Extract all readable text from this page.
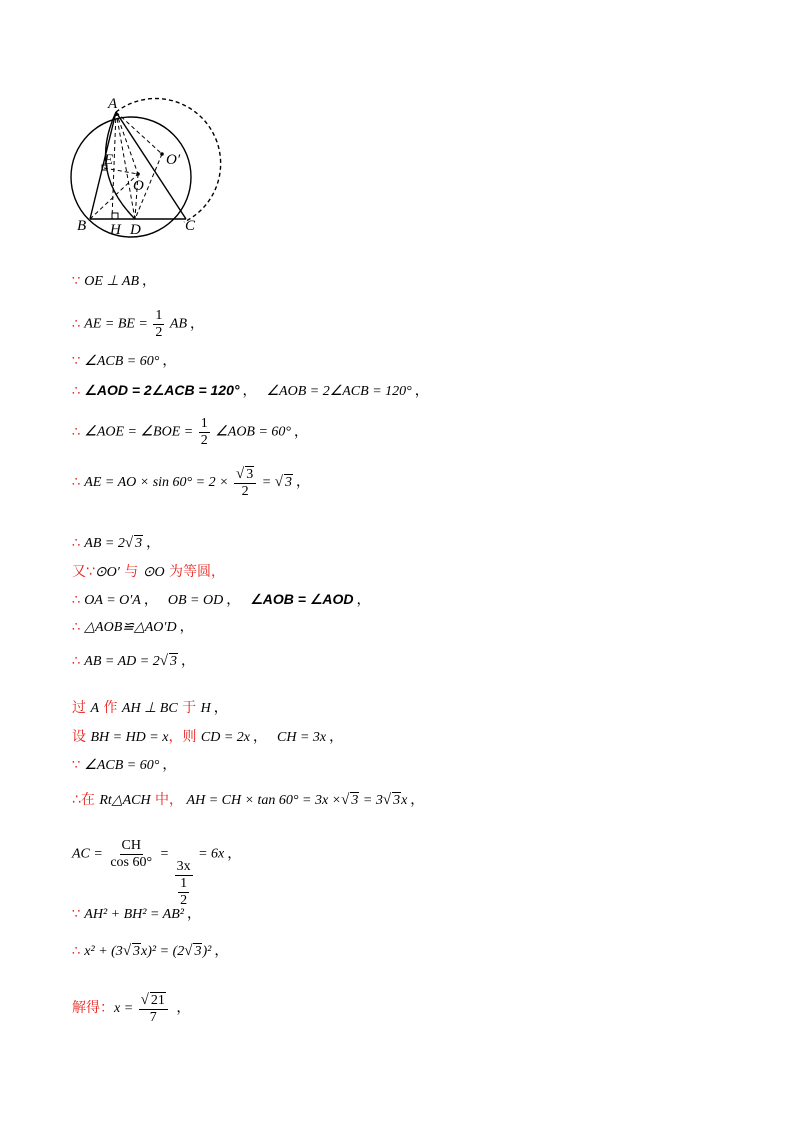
A
E
O
O′
B H D	C
∵ OE ⊥ AB ，
∴ AE = BE = $\frac{1}{2}$ AB ，
∵ ∠ACB = 60° ，
∴ ∠AOD = 2∠ACB = 120° ， ∠AOB = 2∠ACB = 120° ，
∴ ∠AOE = ∠BOE = $\frac{1}{2}$ ∠AOB = 60° ，
∴ AE = AO × $\sin 60^\circ = 2 \times \frac{√ 3}{2}$ = √ 3 ，
∴ AB = 2√ 3 ，
又∵⊙O′ 与 ⊙O 为等圆，
∴ OA = O′A ， OB = OD ， ∠AOB = ∠AOD ，
∴ △AOB≌△AO′D ，
∴ AB = AD = 2√ 3 ，
过 A 作 AH ⊥ BC 于 H ，
设 BH = HD = x，则 CD = 2x ， CH = 3x ，
∵ ∠ACB = 60° ，
∴在 Rt△ACH 中， AH = CH × tan 60° = 3x ×√ 3 = 3√ 3x ，
AC = $\frac{CH}{\cos 60^\circ}$ =
$\frac{3x}{\frac{1}{2}}$
= 6x ，
∵ AH² + BH² = AB² ，
∴ x² + (3√ 3x)² = (2√ 3)² ，
解得：$x = \frac{√ 21}{7}$ ，
